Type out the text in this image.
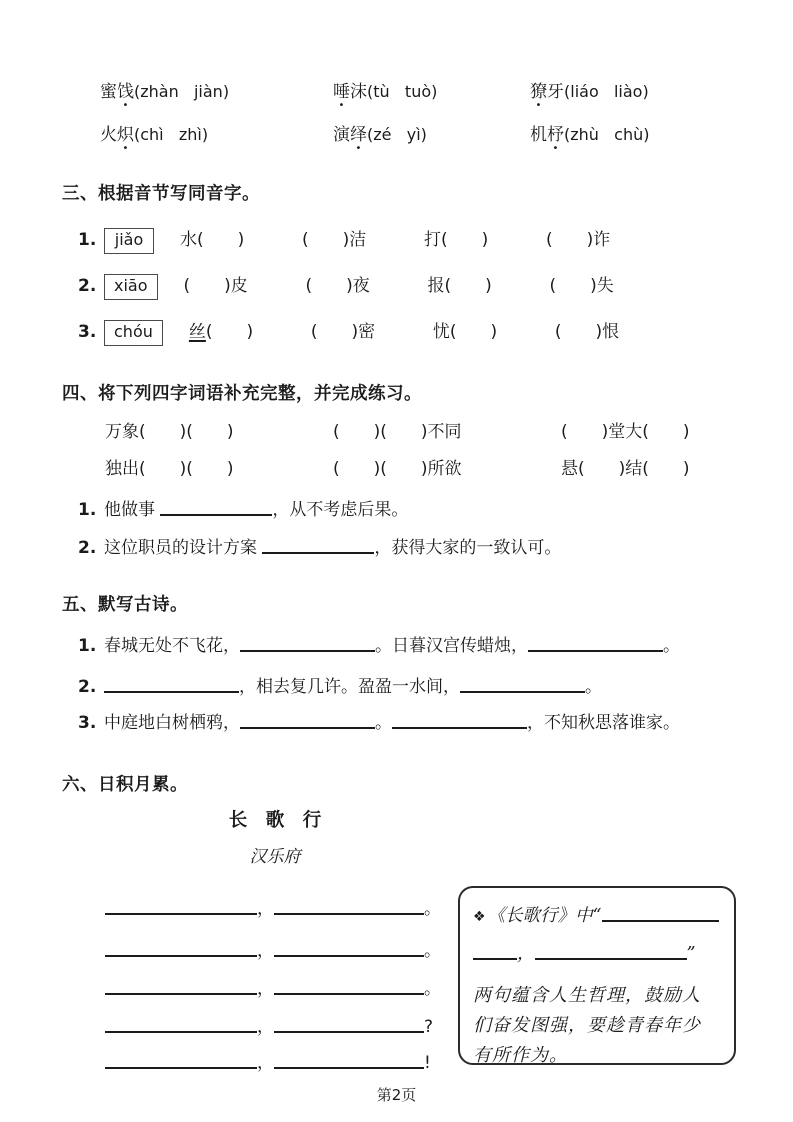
蜜饯(zhàn   jiàn)	唾沫(tù   tuò)	獠牙(liáo   liào)
火炽(chì   zhì)	演绎(zé   yì)	机杼(zhù   chù)
三、根据音节写同音字。
1.	jiǎo	水(　　)	(　　)洁	打(　　)	(　　)诈
2.	xiāo	(　　)皮	(　　)夜	报(　　)	(　　)失
3.	chóu	丝(　　)	(　　)密	忧(　　)	(　　)恨
四、将下列四字词语补充完整，并完成练习。
万象(　　)(　　)	(　　)(　　)不同	(　　)堂大(　　)
独出(　　)(　　)	(　　)(　　)所欲	悬(　　)结(　　)
1. 他做事	，从不考虑后果。
2. 这位职员的设计方案	，获得大家的一致认可。
五、默写古诗。
1. 春城无处不飞花，	。日暮汉宫传蜡烛，	。
2.	，相去复几许。盈盈一水间，	。
3. 中庭地白树栖鸦，	。	，不知秋思落谁家。
六、日积月累。
长　歌　行
汉乐府
，	。
，	。
，	。
，	?
，	!
❖ 《长歌行》中“
，	”
两句蕴含人生哲理，鼓励人们奋发图强，要趁青春年少有所作为。
第2页
